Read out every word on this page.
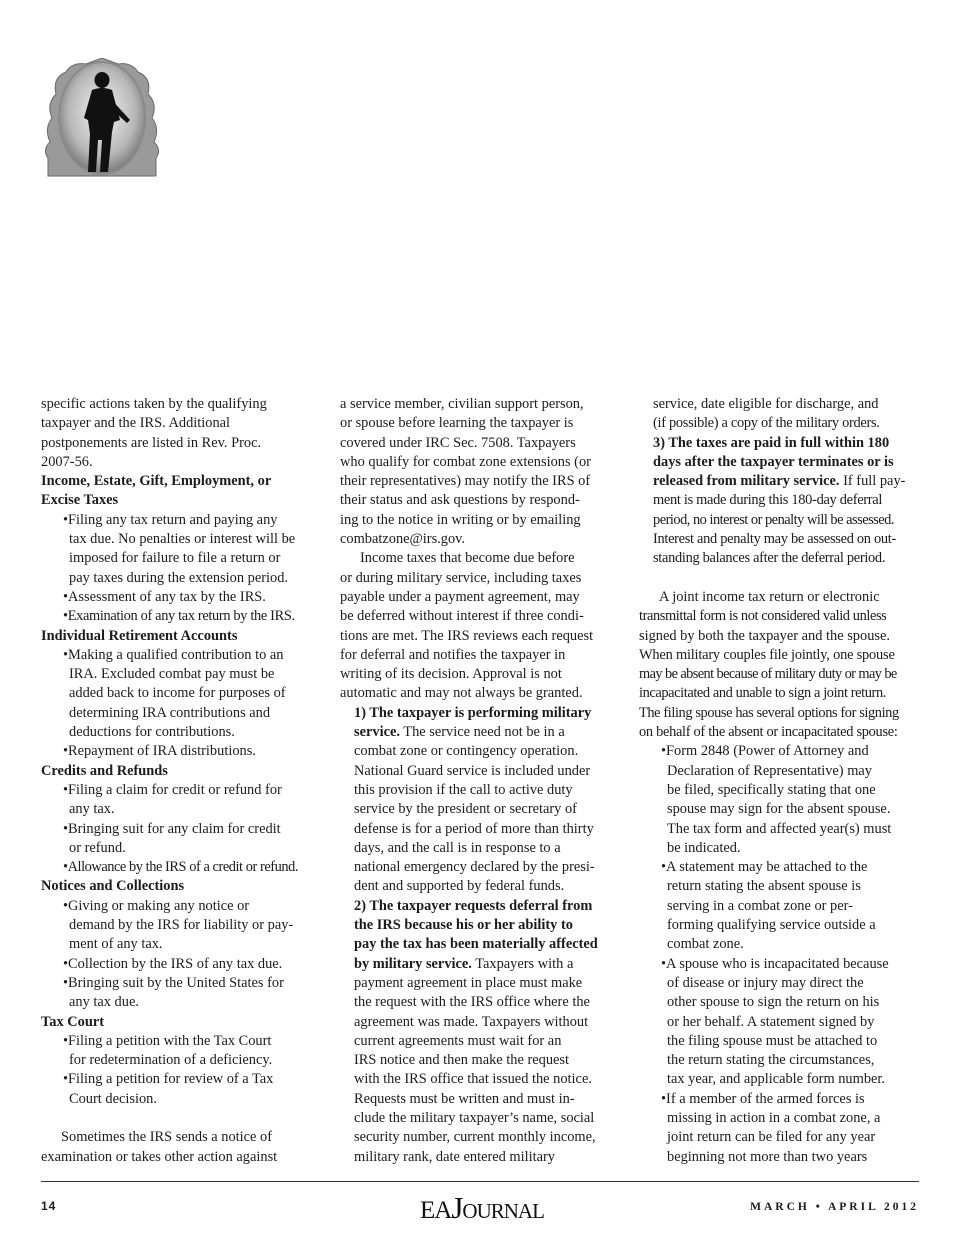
specific actions taken by the qualifying
taxpayer and the IRS. Additional
postponements are listed in Rev. Proc.
2007-56.

Income, Estate, Gift, Employment, or
Excise Taxes

•Filing any tax return and paying any
tax due. No penalties or interest will be
imposed for failure to file a return or
pay taxes during the extension period.

•Assessment of any tax by the IRS.

•Examination of any tax return by the IRS.

Individual Retirement Accounts

•Making a qualified contribution to an
IRA. Excluded combat pay must be
added back to income for purposes of
determining IRA contributions and
deductions for contributions.

•Repayment of IRA distributions.

Credits and Refunds

•Filing a claim for credit or refund for
any tax.

•Bringing suit for any claim for credit
or refund.

•Allowance by the IRS of a credit or refund.

Notices and Collections

•Giving or making any notice or
demand by the IRS for liability or pay-
ment of any tax.

•Collection by the IRS of any tax due.

•Bringing suit by the United States for
any tax due.

Tax Court

•Filing a petition with the Tax Court
for redetermination of a deficiency.

•Filing a petition for review of a Tax
Court decision.

Sometimes the IRS sends a notice of
examination or takes other action against

a service member, civilian support person,
or spouse before learning the taxpayer is
covered under IRC Sec. 7508. Taxpayers
who qualify for combat zone extensions (or
their representatives) may notify the IRS of
their status and ask questions by respond-
ing to the notice in writing or by emailing
combatzone@irs.gov.

Income taxes that become due before
or during military service, including taxes
payable under a payment agreement, may
be deferred without interest if three condi-
tions are met. The IRS reviews each request
for deferral and notifies the taxpayer in
writing of its decision. Approval is not
automatic and may not always be granted.

1) The taxpayer is performing military
service. The service need not be in a
combat zone or contingency operation.
National Guard service is included under
this provision if the call to active duty
service by the president or secretary of
defense is for a period of more than thirty
days, and the call is in response to a
national emergency declared by the presi-
dent and supported by federal funds.

2) The taxpayer requests deferral from
the IRS because his or her ability to
pay the tax has been materially affected
by military service. Taxpayers with a
payment agreement in place must make
the request with the IRS office where the
agreement was made. Taxpayers without
current agreements must wait for an
IRS notice and then make the request
with the IRS office that issued the notice.
Requests must be written and must in-
clude the military taxpayer’s name, social
security number, current monthly income,
military rank, date entered military

service, date eligible for discharge, and
(if possible) a copy of the military orders.

3) The taxes are paid in full within 180
days after the taxpayer terminates or is
released from military service. If full pay-
ment is made during this 180-day deferral
period, no interest or penalty will be assessed.
Interest and penalty may be assessed on out-
standing balances after the deferral period.

A joint income tax return or electronic
transmittal form is not considered valid unless
signed by both the taxpayer and the spouse.
When military couples file jointly, one spouse
may be absent because of military duty or may be
incapacitated and unable to sign a joint return.
The filing spouse has several options for signing
on behalf of the absent or incapacitated spouse:

•Form 2848 (Power of Attorney and
Declaration of Representative) may
be filed, specifically stating that one
spouse may sign for the absent spouse.
The tax form and affected year(s) must
be indicated.

•A statement may be attached to the
return stating the absent spouse is
serving in a combat zone or per-
forming qualifying service outside a
combat zone.

•A spouse who is incapacitated because
of disease or injury may direct the
other spouse to sign the return on his
or her behalf. A statement signed by
the filing spouse must be attached to
the return stating the circumstances,
tax year, and applicable form number.

•If a member of the armed forces is
missing in action in a combat zone, a
joint return can be filed for any year
beginning not more than two years

14	EAJOURNAL	MARCH • APRIL 2012
